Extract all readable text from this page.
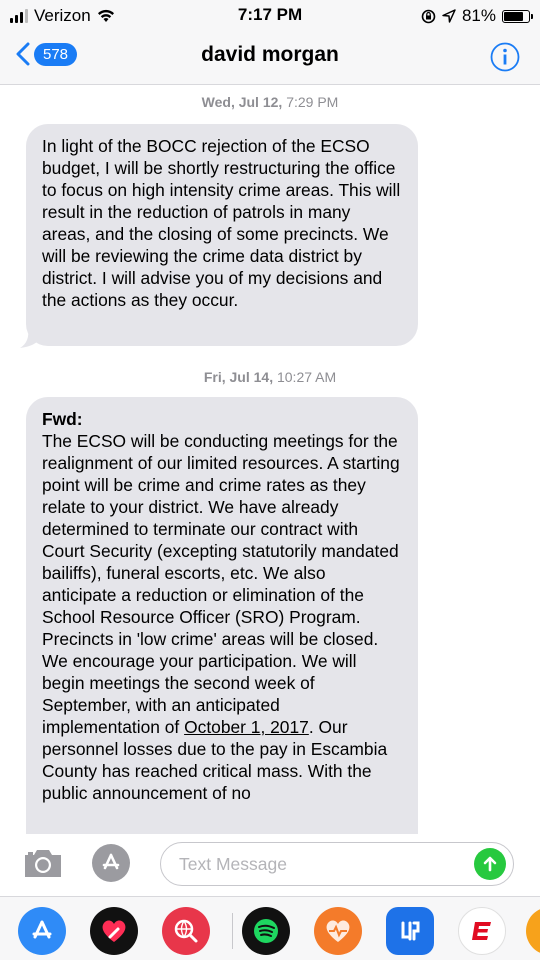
Verizon	7:17 PM	81%
578	david morgan
Wed, Jul 12, 7:29 PM
In light of the BOCC rejection of the ECSO budget, I will be shortly restructuring the office to focus on high intensity crime areas. This will result in the reduction of patrols in many areas, and the closing of some precincts. We will be reviewing the crime data district by district. I will advise you of my decisions and the actions as they occur.
Fri, Jul 14, 10:27 AM
Fwd:
The ECSO will be conducting meetings for the realignment of our limited resources. A starting point will be crime and crime rates as they relate to your district. We have already determined to terminate our contract with Court Security (excepting statutorily mandated bailiffs), funeral escorts, etc. We also anticipate a reduction or elimination of the School Resource Officer (SRO) Program. Precincts in 'low crime' areas will be closed. We encourage your participation. We will begin meetings the second week of September, with an anticipated implementation of October 1, 2017. Our personnel losses due to the pay in Escambia County has reached critical mass. With the public announcement of no
Text Message
